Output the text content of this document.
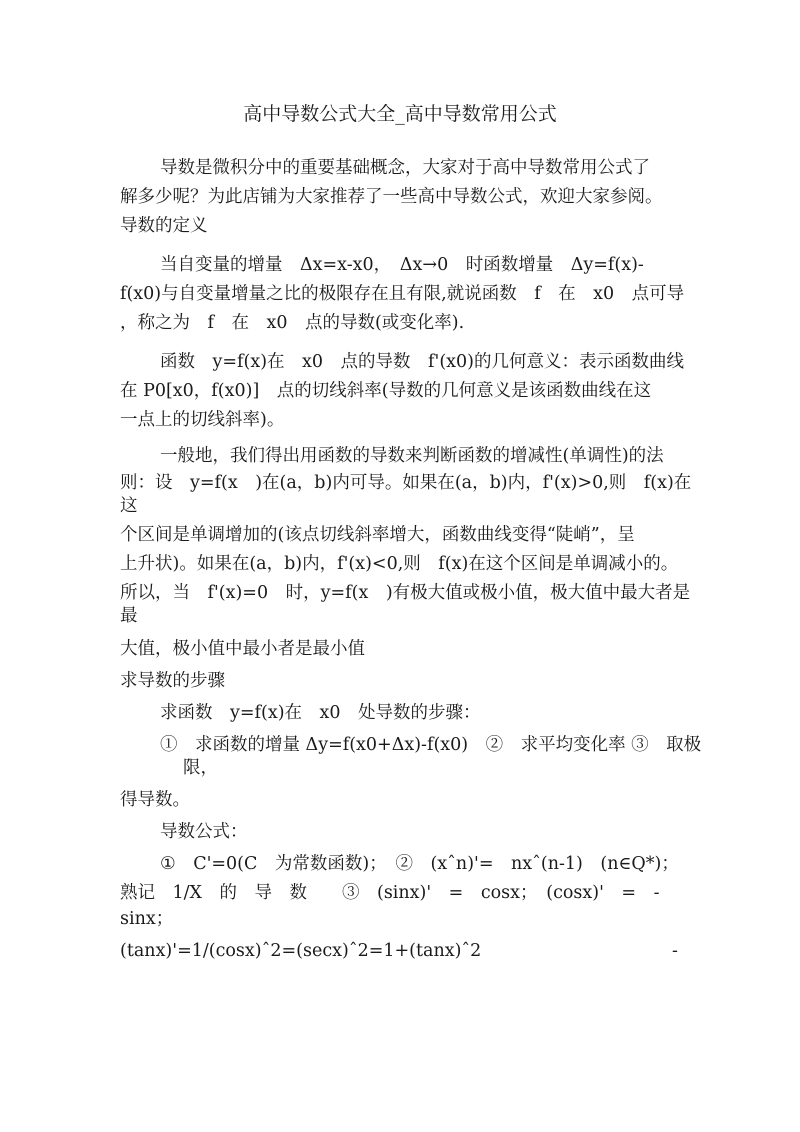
高中导数公式大全_高中导数常用公式
导数是微积分中的重要基础概念，大家对于高中导数常用公式了
解多少呢？为此店铺为大家推荐了一些高中导数公式，欢迎大家参阅。
导数的定义
当自变量的增量　Δx=x-x0，　Δx→0　时函数增量　Δy=f(x)-
f(x0)与自变量增量之比的极限存在且有限,就说函数　f　在　x0　点可导
，称之为　f　在　x0　点的导数(或变化率).
函数　y=f(x)在　x0　点的导数　f'(x0)的几何意义：表示函数曲线
在 P0[x0，f(x0)]　点的切线斜率(导数的几何意义是该函数曲线在这
一点上的切线斜率)。
一般地，我们得出用函数的导数来判断函数的增减性(单调性)的法
则：设　y=f(x　)在(a，b)内可导。如果在(a，b)内，f'(x)>0,则　f(x)在
这
个区间是单调增加的(该点切线斜率增大，函数曲线变得“陡峭”，呈
上升状)。如果在(a，b)内，f'(x)<0,则　f(x)在这个区间是单调减小的。
所以，当　f'(x)=0　时，y=f(x　)有极大值或极小值，极大值中最大者是
最
大值，极小值中最小者是最小值
求导数的步骤
求函数　y=f(x)在　x0　处导数的步骤：
①　求函数的增量 Δy=f(x0+Δx)-f(x0)　②　求平均变化率 ③　取极
限，
得导数。
导数公式：
①　C'=0(C　为常数函数)；　②　(xˆn)'=　nxˆ(n-1)　(n∈Q*)；
熟记　1/X　的　导　数　　③　(sinx)'　=　cosx；　(cosx)'　=　-
sinx；
(tanx)'=1/(cosx)ˆ2=(secx)ˆ2=1+(tanx)ˆ2	-
